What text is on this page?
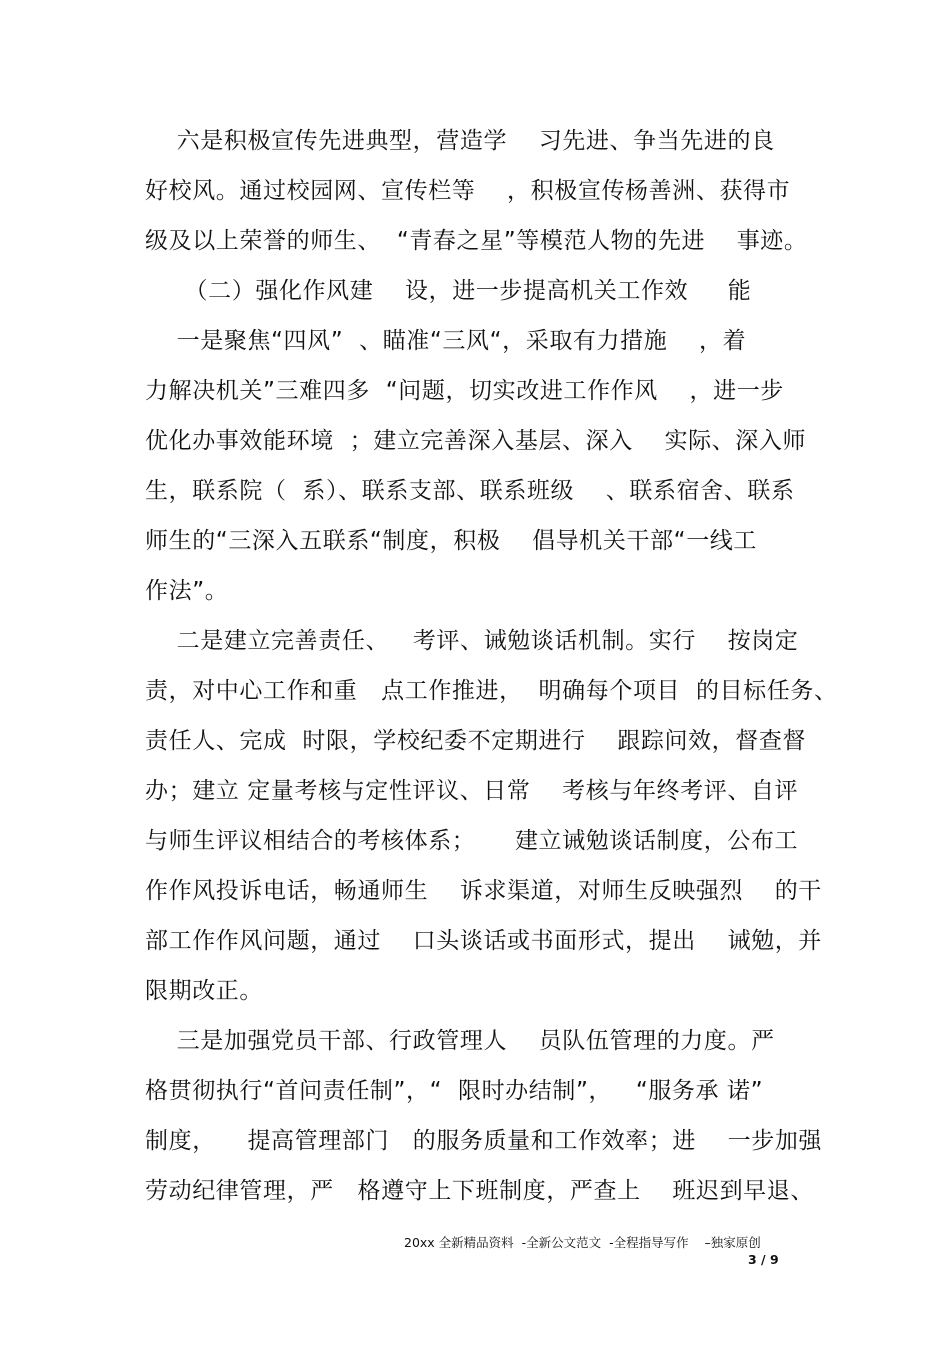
六是积极宣传先进典型，营造学    习先进、争当先进的良
好校风。通过校园网、宣传栏等    ，积极宣传杨善洲、获得市
级及以上荣誉的师生、  “青春之星”等模范人物的先进    事迹。
（二）强化作风建    设，进一步提高机关工作效     能
一是聚焦“四风”  、瞄准“三风“，采取有力措施    ，着
力解决机关”三难四多  “问题，切实改进工作作风    ，进一步
优化办事效能环境  ；建立完善深入基层、深入    实际、深入师
生，联系院（  系）、联系支部、联系班级    、联系宿舍、联系
师生的“三深入五联系“制度，积极    倡导机关干部“一线工
作法”。
二是建立完善责任、   考评、诫勉谈话机制。实行    按岗定
责，对中心工作和重   点工作推进，  明确每个项目  的目标任务、
责任人、完成  时限，学校纪委不定期进行    跟踪问效，督查督
办；建立 定量考核与定性评议、日常    考核与年终考评、自评
与师生评议相结合的考核体系；     建立诫勉谈话制度，公布工
作作风投诉电话，畅通师生    诉求渠道，对师生反映强烈    的干
部工作作风问题，通过    口头谈话或书面形式，提出    诫勉，并
限期改正。
三是加强党员干部、行政管理人    员队伍管理的力度。严
格贯彻执行“首问责任制”，“  限时办结制”，   “服务承 诺”
制度，    提高管理部门   的服务质量和工作效率；进    一步加强
劳动纪律管理，严   格遵守上下班制度，严查上    班迟到早退、
20xx 全新精品资料  -全新公文范文  -全程指导写作    –独家原创
3 / 9
